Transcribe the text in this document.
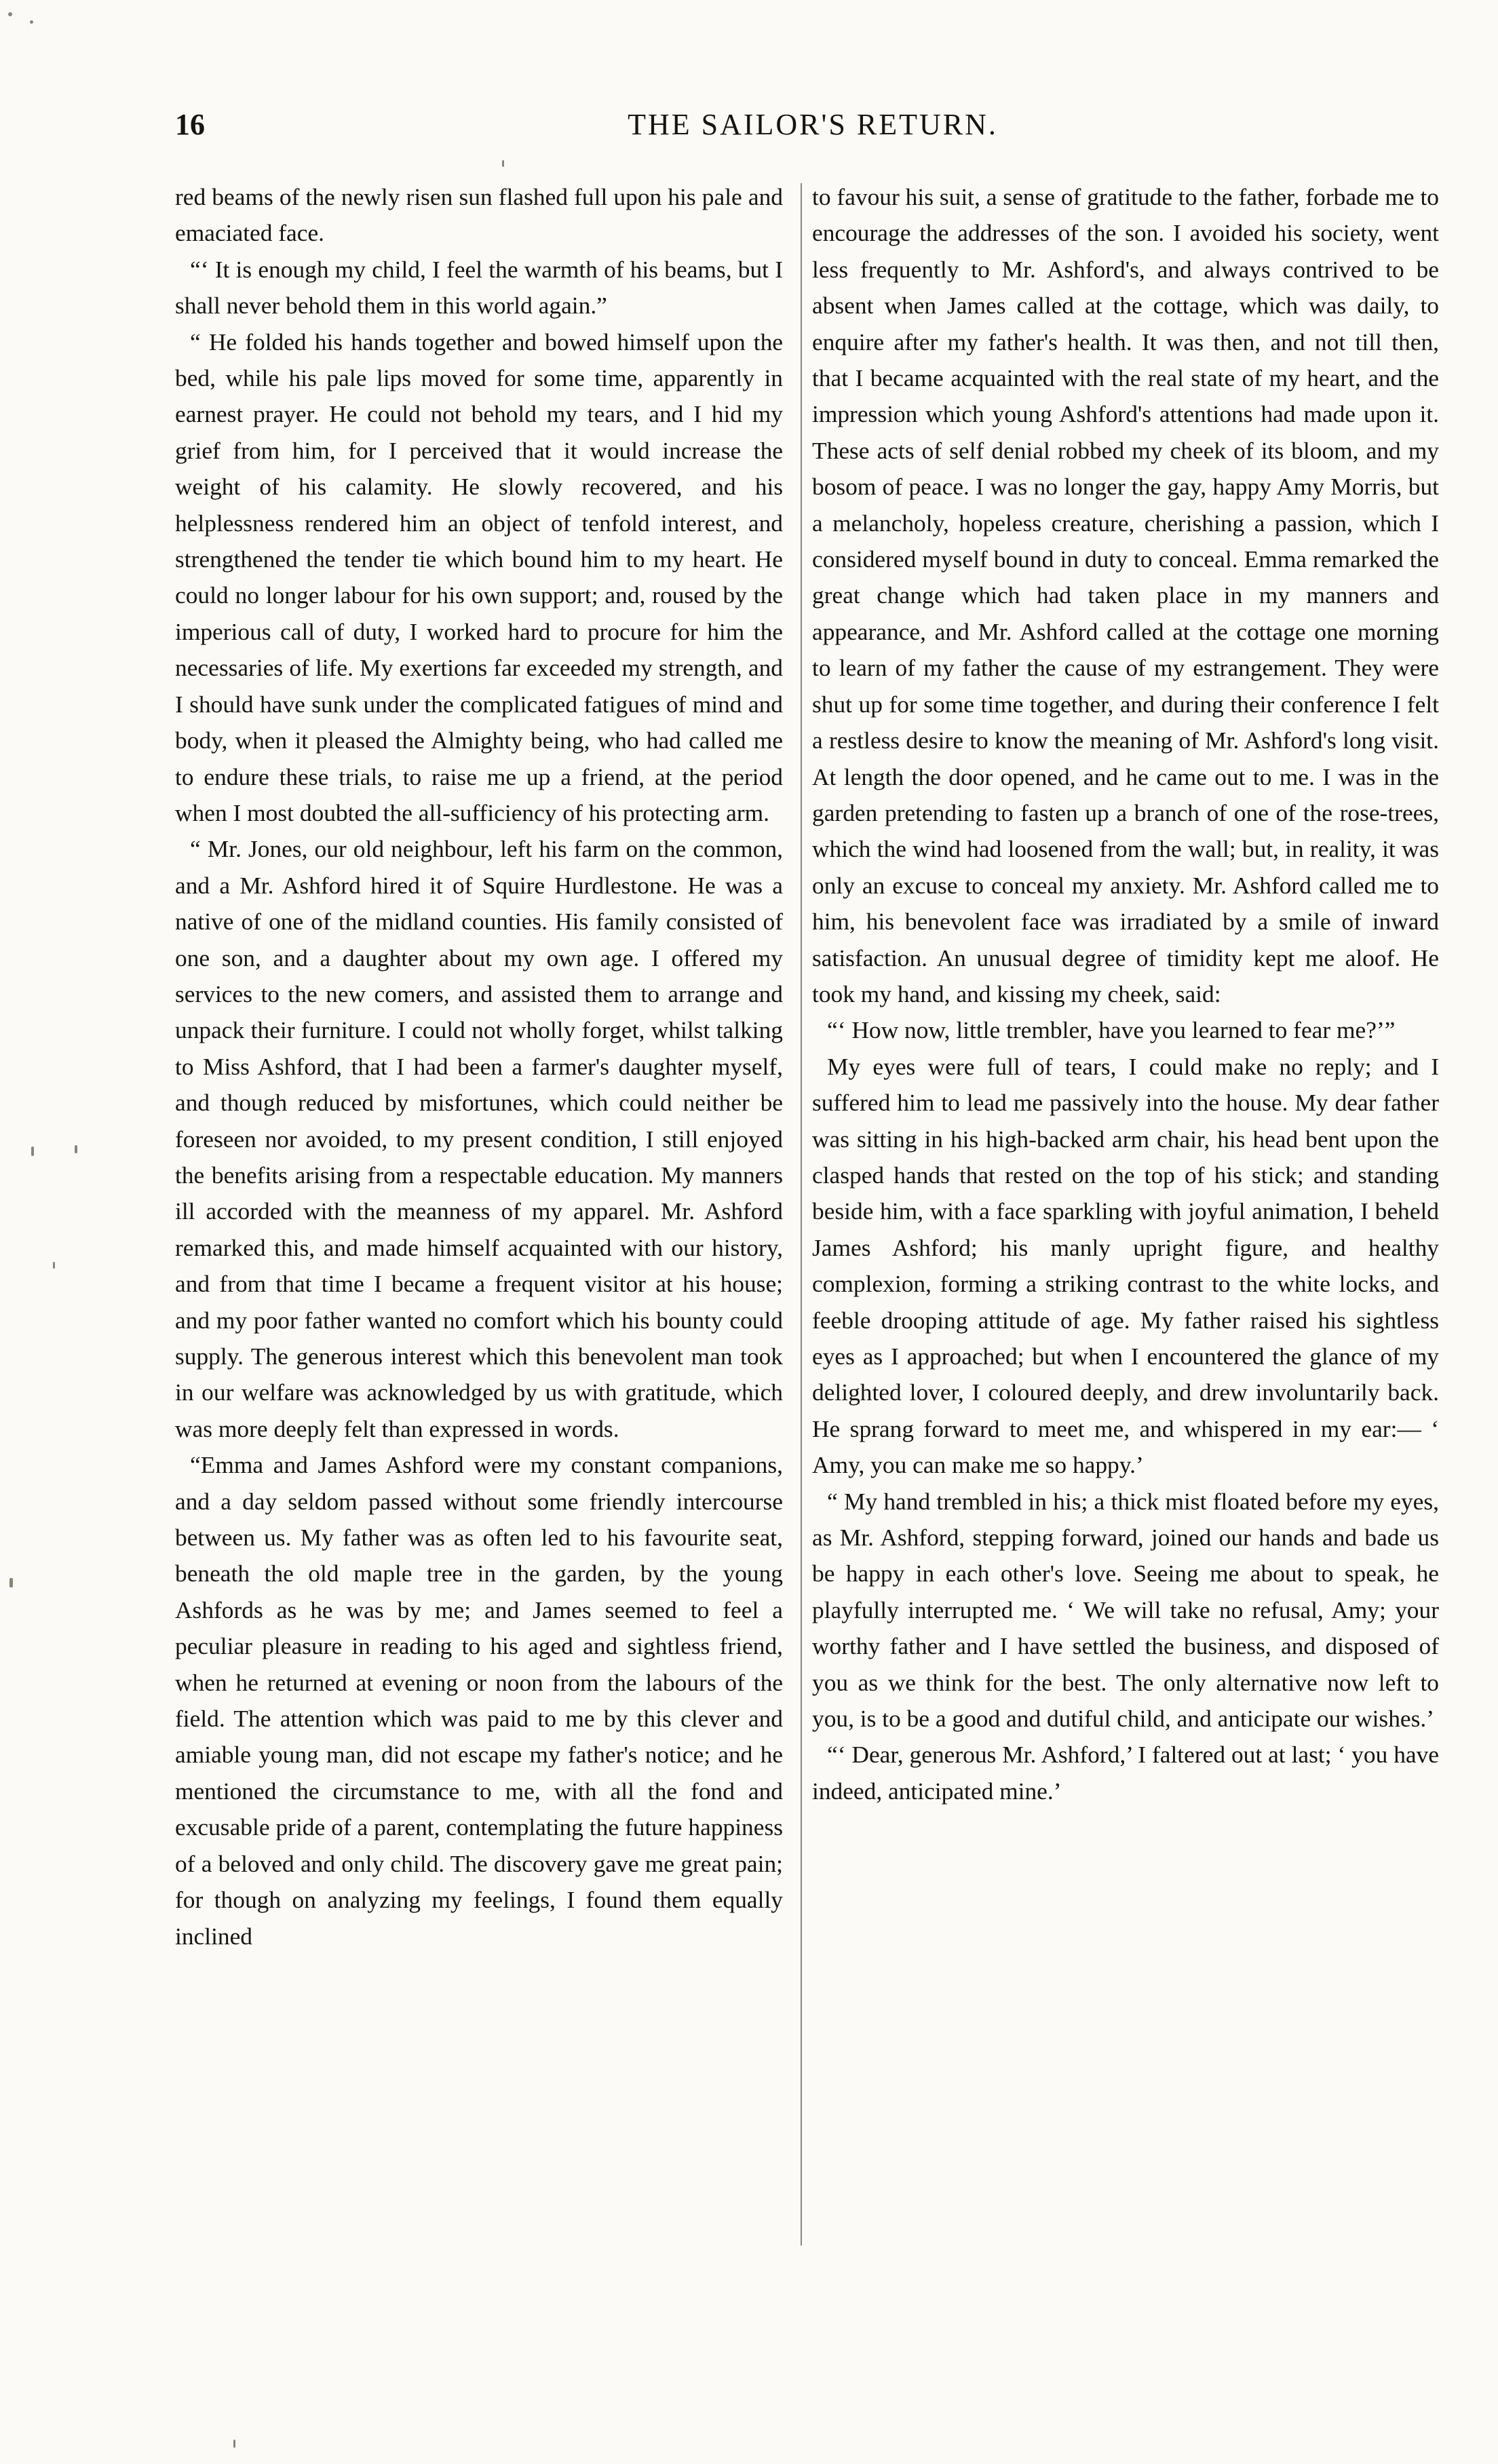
16	THE SAILOR'S RETURN.

red beams of the newly risen sun flashed full upon his pale and emaciated face.

“‘ It is enough my child, I feel the warmth of his beams, but I shall never behold them in this world again.”

“ He folded his hands together and bowed himself upon the bed, while his pale lips moved for some time, apparently in earnest prayer. He could not behold my tears, and I hid my grief from him, for I perceived that it would increase the weight of his calamity. He slowly recovered, and his helplessness rendered him an object of tenfold interest, and strengthened the tender tie which bound him to my heart. He could no longer labour for his own support; and, roused by the imperious call of duty, I worked hard to procure for him the necessaries of life. My exertions far exceeded my strength, and I should have sunk under the complicated fatigues of mind and body, when it pleased the Almighty being, who had called me to endure these trials, to raise me up a friend, at the period when I most doubted the all-sufficiency of his protecting arm.

“ Mr. Jones, our old neighbour, left his farm on the common, and a Mr. Ashford hired it of Squire Hurdlestone. He was a native of one of the midland counties. His family consisted of one son, and a daughter about my own age. I offered my services to the new comers, and assisted them to arrange and unpack their furniture. I could not wholly forget, whilst talking to Miss Ashford, that I had been a farmer's daughter myself, and though reduced by misfortunes, which could neither be foreseen nor avoided, to my present condition, I still enjoyed the benefits arising from a respectable education. My manners ill accorded with the meanness of my apparel. Mr. Ashford remarked this, and made himself acquainted with our history, and from that time I became a frequent visitor at his house; and my poor father wanted no comfort which his bounty could supply. The generous interest which this benevolent man took in our welfare was acknowledged by us with gratitude, which was more deeply felt than expressed in words.

“Emma and James Ashford were my constant companions, and a day seldom passed without some friendly intercourse between us. My father was as often led to his favourite seat, beneath the old maple tree in the garden, by the young Ashfords as he was by me; and James seemed to feel a peculiar pleasure in reading to his aged and sightless friend, when he returned at evening or noon from the labours of the field. The attention which was paid to me by this clever and amiable young man, did not escape my father's notice; and he mentioned the circumstance to me, with all the fond and excusable pride of a parent, contemplating the future happiness of a beloved and only child. The discovery gave me great pain; for though on analyzing my feelings, I found them equally inclined

to favour his suit, a sense of gratitude to the father, forbade me to encourage the addresses of the son. I avoided his society, went less frequently to Mr. Ashford's, and always contrived to be absent when James called at the cottage, which was daily, to enquire after my father's health. It was then, and not till then, that I became acquainted with the real state of my heart, and the impression which young Ashford's attentions had made upon it. These acts of self denial robbed my cheek of its bloom, and my bosom of peace. I was no longer the gay, happy Amy Morris, but a melancholy, hopeless creature, cherishing a passion, which I considered myself bound in duty to conceal. Emma remarked the great change which had taken place in my manners and appearance, and Mr. Ashford called at the cottage one morning to learn of my father the cause of my estrangement. They were shut up for some time together, and during their conference I felt a restless desire to know the meaning of Mr. Ashford's long visit. At length the door opened, and he came out to me. I was in the garden pretending to fasten up a branch of one of the rose-trees, which the wind had loosened from the wall; but, in reality, it was only an excuse to conceal my anxiety. Mr. Ashford called me to him, his benevolent face was irradiated by a smile of inward satisfaction. An unusual degree of timidity kept me aloof. He took my hand, and kissing my cheek, said:

“‘ How now, little trembler, have you learned to fear me?’”

My eyes were full of tears, I could make no reply; and I suffered him to lead me passively into the house. My dear father was sitting in his high-backed arm chair, his head bent upon the clasped hands that rested on the top of his stick; and standing beside him, with a face sparkling with joyful animation, I beheld James Ashford; his manly upright figure, and healthy complexion, forming a striking contrast to the white locks, and feeble drooping attitude of age. My father raised his sightless eyes as I approached; but when I encountered the glance of my delighted lover, I coloured deeply, and drew involuntarily back. He sprang forward to meet me, and whispered in my ear:— ‘ Amy, you can make me so happy.’

“ My hand trembled in his; a thick mist floated before my eyes, as Mr. Ashford, stepping forward, joined our hands and bade us be happy in each other's love. Seeing me about to speak, he playfully interrupted me. ‘ We will take no refusal, Amy; your worthy father and I have settled the business, and disposed of you as we think for the best. The only alternative now left to you, is to be a good and dutiful child, and anticipate our wishes.’

“‘ Dear, generous Mr. Ashford,’ I faltered out at last; ‘ you have indeed, anticipated mine.’
